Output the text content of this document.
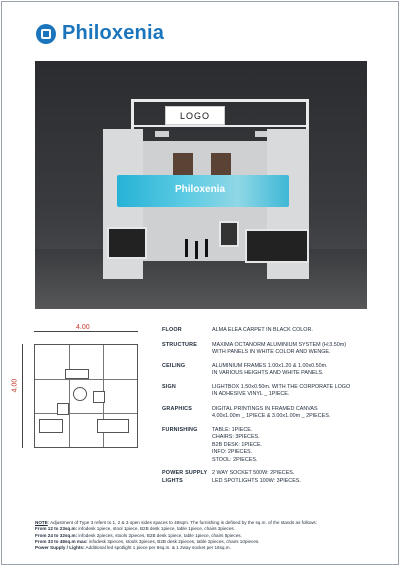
Philoxenia
LOGO
Philoxenia
4.00
4.00
FLOOR	ALMA ELEA CARPET IN BLACK COLOR.
STRUCTURE	MAXIMA OCTANORM ALUMINIUM SYSTEM (H:3.50m)
WITH PANELS IN WHITE COLOR AND WENGE.
CEILING	ALUMINIUM FRAMES 1.00x1.20 & 1.00x0.50m.
IN VARIOUS HEIGHTS AND WHITE PANELS.
SIGN	LIGHTBOX 1.50x0.50m. WITH THE CORPORATE LOGO
IN ADHESIVE VINYL _ 1PIECE.
GRAPHICS	DIGITAL PRINTINGS IN FRAMED CANVAS
4.00x1.00m _ 1PIECE & 3.00x1.00m _ 2PIECES.
FURNISHING	TABLE: 1PIECE.
CHAIRS: 3PIECES.
B2B DESK: 1PIECE.
INFO: 2PIECES.
STOOL: 2PIECES.
POWER SUPPLY 2 WAY SOCKET 500W: 2PIECES.
LIGHTS	LED SPOTLIGHTS 100W: 3PIECES.
NOTE: Adjustment of Type 3 refers to 1, 2 & 3 open sides spaces to 48sqm. The furnishing is defined by the sq.m. of the stands as follows:
From 12 to 23sq.m: infodesk 1piece, stool 1piece, B2B desk 1piece, table 1piece, chairs 3pieces.
From 24 to 32sq.m: infodesk 2pieces, stools 2pieces, B2B desk 1piece, table 1piece, chairs 5pieces.
From 33 to 48sq.m max: infodesk 3pieces, stools 3pieces, B2B desk 2pieces, table 2pieces, chairs 10pieces.
Power Supply / Lights: Additional led spotlight 1 piece per 8sq.m. & 1 2way socket per 16sq.m.
